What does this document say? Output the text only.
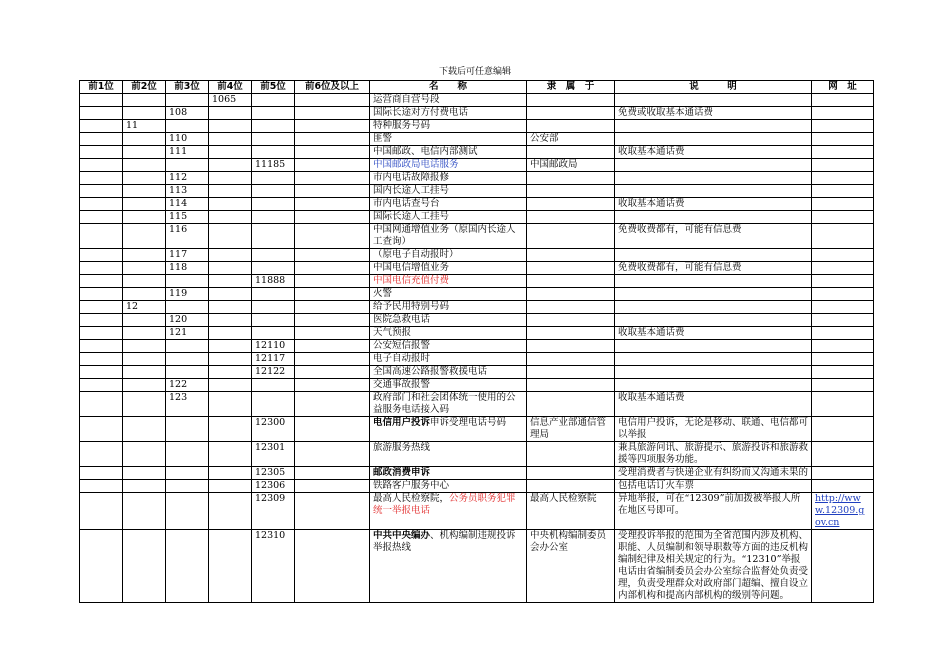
下载后可任意编辑
前1位	前2位	前3位	前4位	前5位	前6位及以上	名　　称	隶　属　于	说　　　明	网　址
			1065			运营商自营号段			
		108				国际长途对方付费电话		免费或收取基本通话费	
	11					特种服务号码			
		110				匪警	公安部		
		111				中国邮政、电信内部测试		收取基本通话费	
				11185		中国邮政局电话服务	中国邮政局		
		112				市内电话故障报修			
		113				国内长途人工挂号			
		114				市内电话查号台		收取基本通话费	
		115				国际长途人工挂号			
		116				中国网通增值业务（原国内长途人工查询）		免费收费都有，可能有信息费	
		117				（原电子自动报时）			
		118				中国电信增值业务		免费收费都有，可能有信息费	
				11888		中国电信充值付费			
		119				火警			
	12					给予民用特别号码			
		120				医院急救电话			
		121				天气预报		收取基本通话费	
				12110		公安短信报警			
				12117		电子自动报时			
				12122		全国高速公路报警救援电话			
		122				交通事故报警			
		123				政府部门和社会团体统一使用的公益服务电话接入码		收取基本通话费	
				12300		电信用户投诉申诉受理电话号码	信息产业部通信管理局	电信用户投诉，无论是移动、联通、电信都可以举报	
				12301		旅游服务热线		兼具旅游问讯、旅游提示、旅游投诉和旅游救援等四项服务功能。	
				12305		邮政消费申诉		受理消费者与快递企业有纠纷而又沟通未果的	
				12306		铁路客户服务中心		包括电话订火车票	
				12309		最高人民检察院，公务员职务犯罪统一举报电话	最高人民检察院	异地举报，可在“12309”前加拨被举报人所在地区号即可。	http://www.12309.gov.cn
				12310		中共中央编办、机构编制违规投诉举报热线	中央机构编制委员会办公室	受理投诉举报的范围为全省范围内涉及机构、职能、人员编制和领导职数等方面的违反机构编制纪律及相关规定的行为。“12310”举报电话由省编制委员会办公室综合监督处负责受理，负责受理群众对政府部门超编、擅自设立内部机构和提高内部机构的级别等问题。	
